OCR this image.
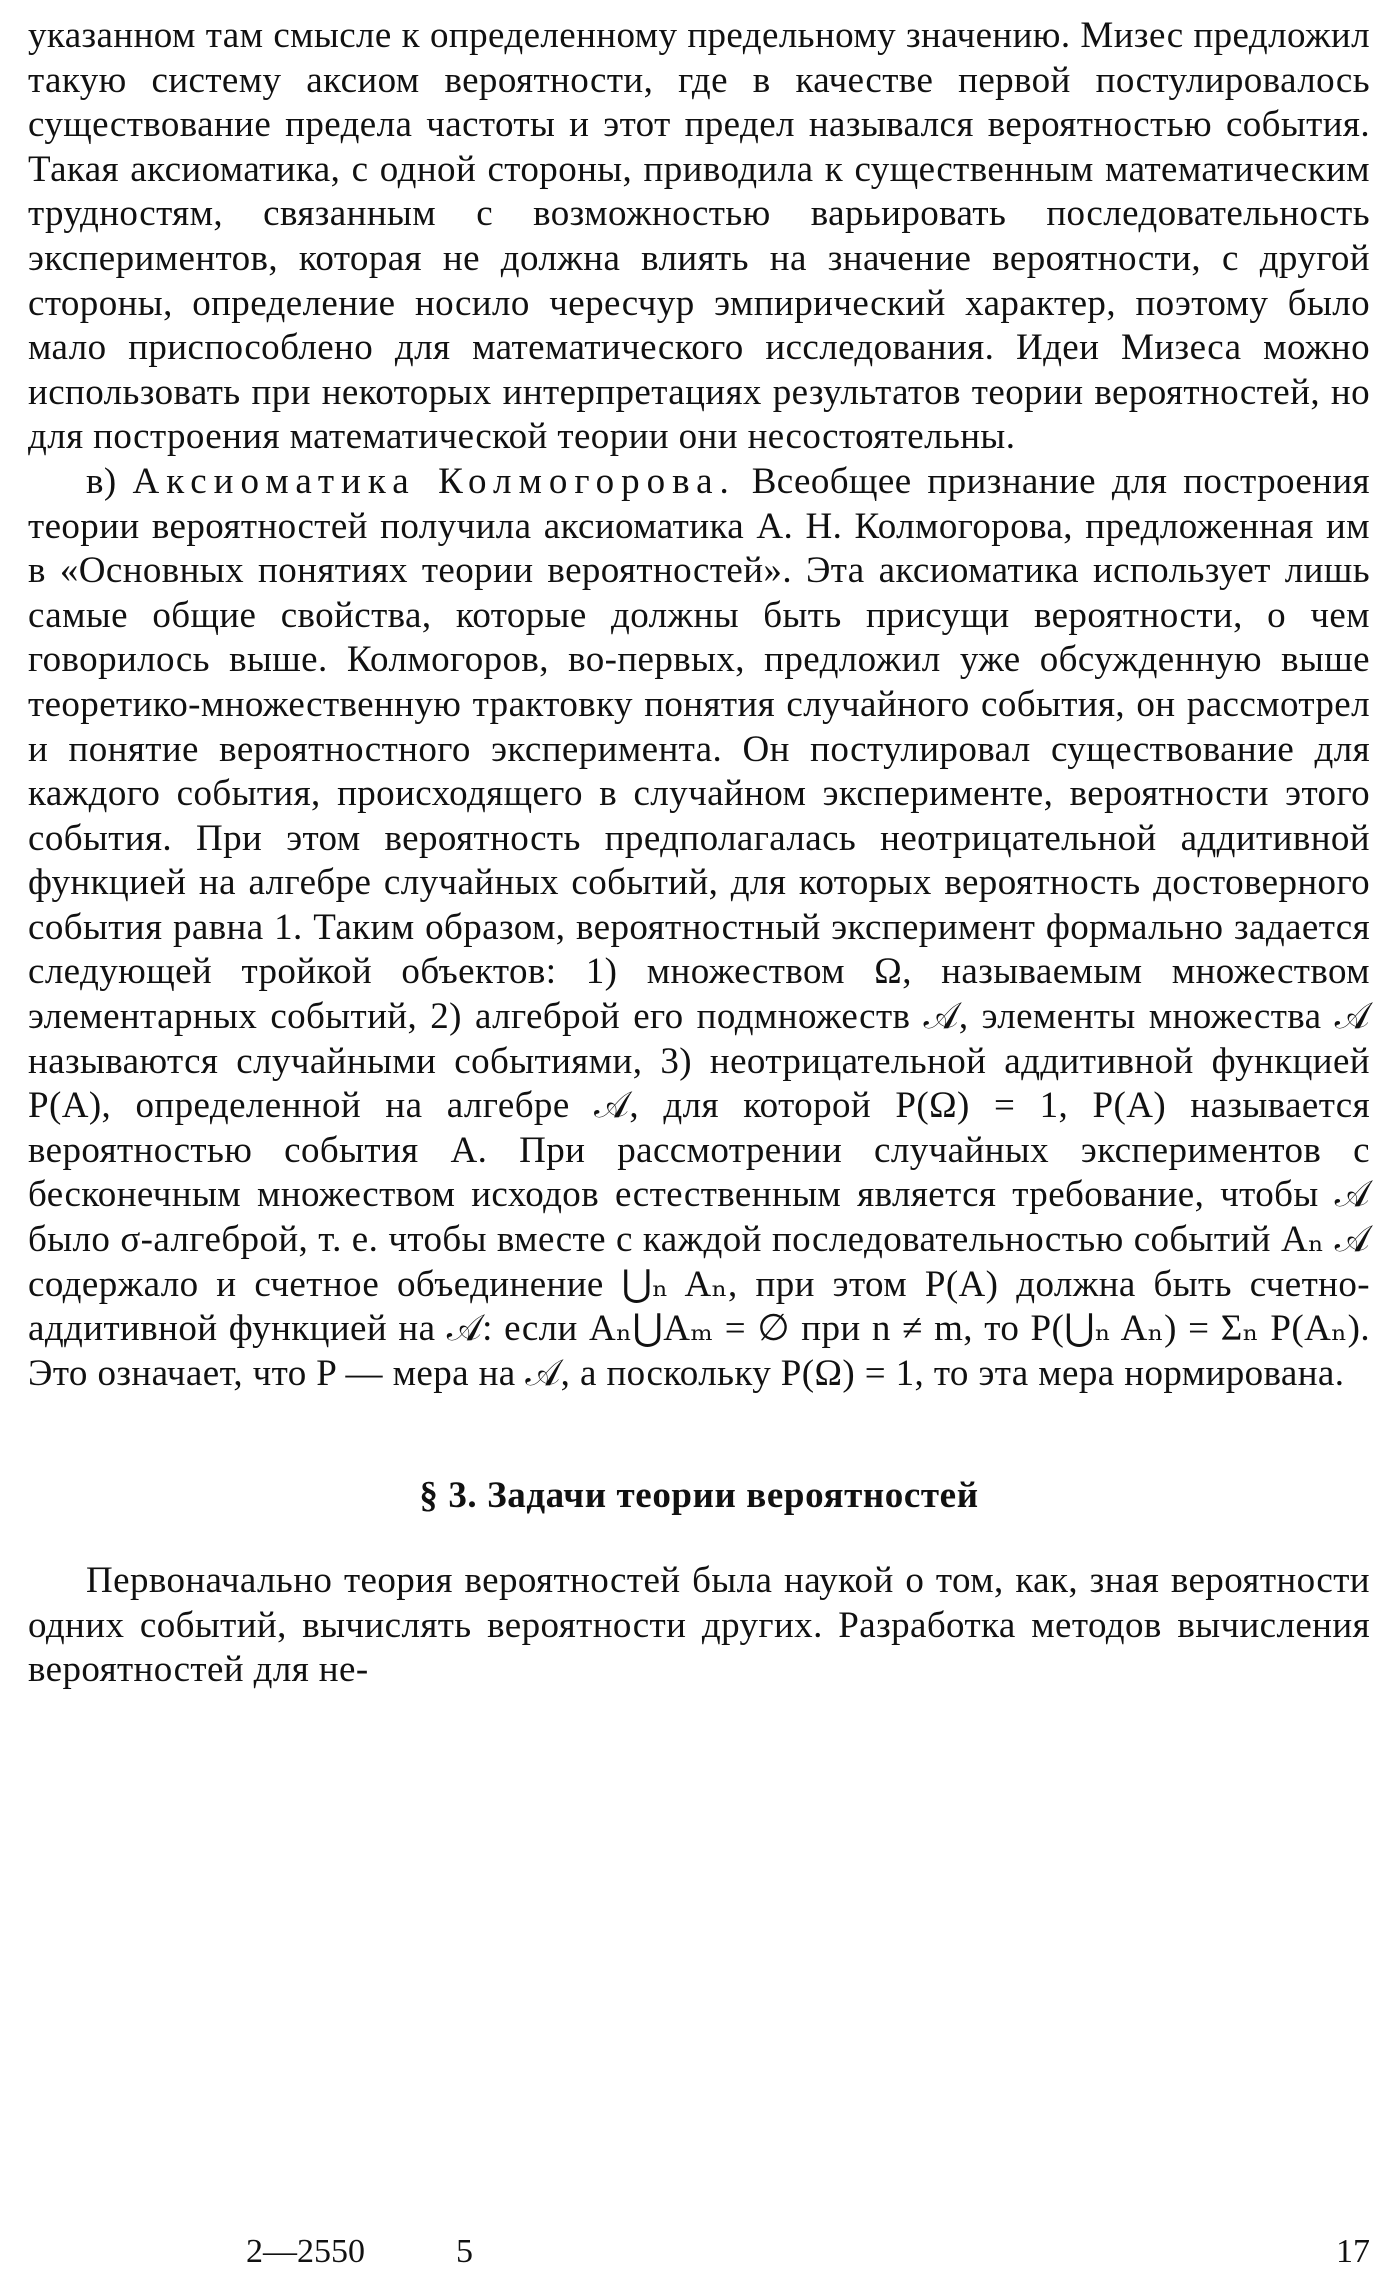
указанном там смысле к определенному предельному значению. Мизес предложил такую систему аксиом вероятности, где в качестве первой постулировалось существование предела частоты и этот предел назывался вероятностью события. Такая аксиоматика, с одной стороны, приводила к существенным математическим трудностям, связанным с возможностью варьировать последовательность экспериментов, которая не должна влиять на значение вероятности, с другой стороны, определение носило чересчур эмпирический характер, поэтому было мало приспособлено для математического исследования. Идеи Мизеса можно использовать при некоторых интерпретациях результатов теории вероятностей, но для построения математической теории они несостоятельны.

в) Аксиоматика Колмогорова. Всеобщее признание для построения теории вероятностей получила аксиоматика А. Н. Колмогорова, предложенная им в «Основных понятиях теории вероятностей». Эта аксиоматика использует лишь самые общие свойства, которые должны быть присущи вероятности, о чем говорилось выше. Колмогоров, во-первых, предложил уже обсужденную выше теоретико-множественную трактовку понятия случайного события, он рассмотрел и понятие вероятностного эксперимента. Он постулировал существование для каждого события, происходящего в случайном эксперименте, вероятности этого события. При этом вероятность предполагалась неотрицательной аддитивной функцией на алгебре случайных событий, для которых вероятность достоверного события равна 1. Таким образом, вероятностный эксперимент формально задается следующей тройкой объектов: 1) множеством Ω, называемым множеством элементарных событий, 2) алгеброй его подмножеств 𝒜, элементы множества 𝒜 называются случайными событиями, 3) неотрицательной аддитивной функцией P(A), определенной на алгебре 𝒜, для которой P(Ω) = 1, P(A) называется вероятностью события A. При рассмотрении случайных экспериментов с бесконечным множеством исходов естественным является требование, чтобы 𝒜 было σ-алгеброй, т. е. чтобы вместе с каждой последовательностью событий Aₙ 𝒜 содержало и счетное объединение ⋃ₙ Aₙ, при этом P(A) должна быть счетно-аддитивной функцией на 𝒜: если Aₙ⋃Aₘ = ∅ при n ≠ m, то P(⋃ₙ Aₙ) = Σₙ P(Aₙ). Это означает, что P — мера на 𝒜, а поскольку P(Ω) = 1, то эта мера нормирована.

§ 3. Задачи теории вероятностей

Первоначально теория вероятностей была наукой о том, как, зная вероятности одних событий, вычислять вероятности других. Разработка методов вычисления вероятностей для не-

2—2550	5	17
